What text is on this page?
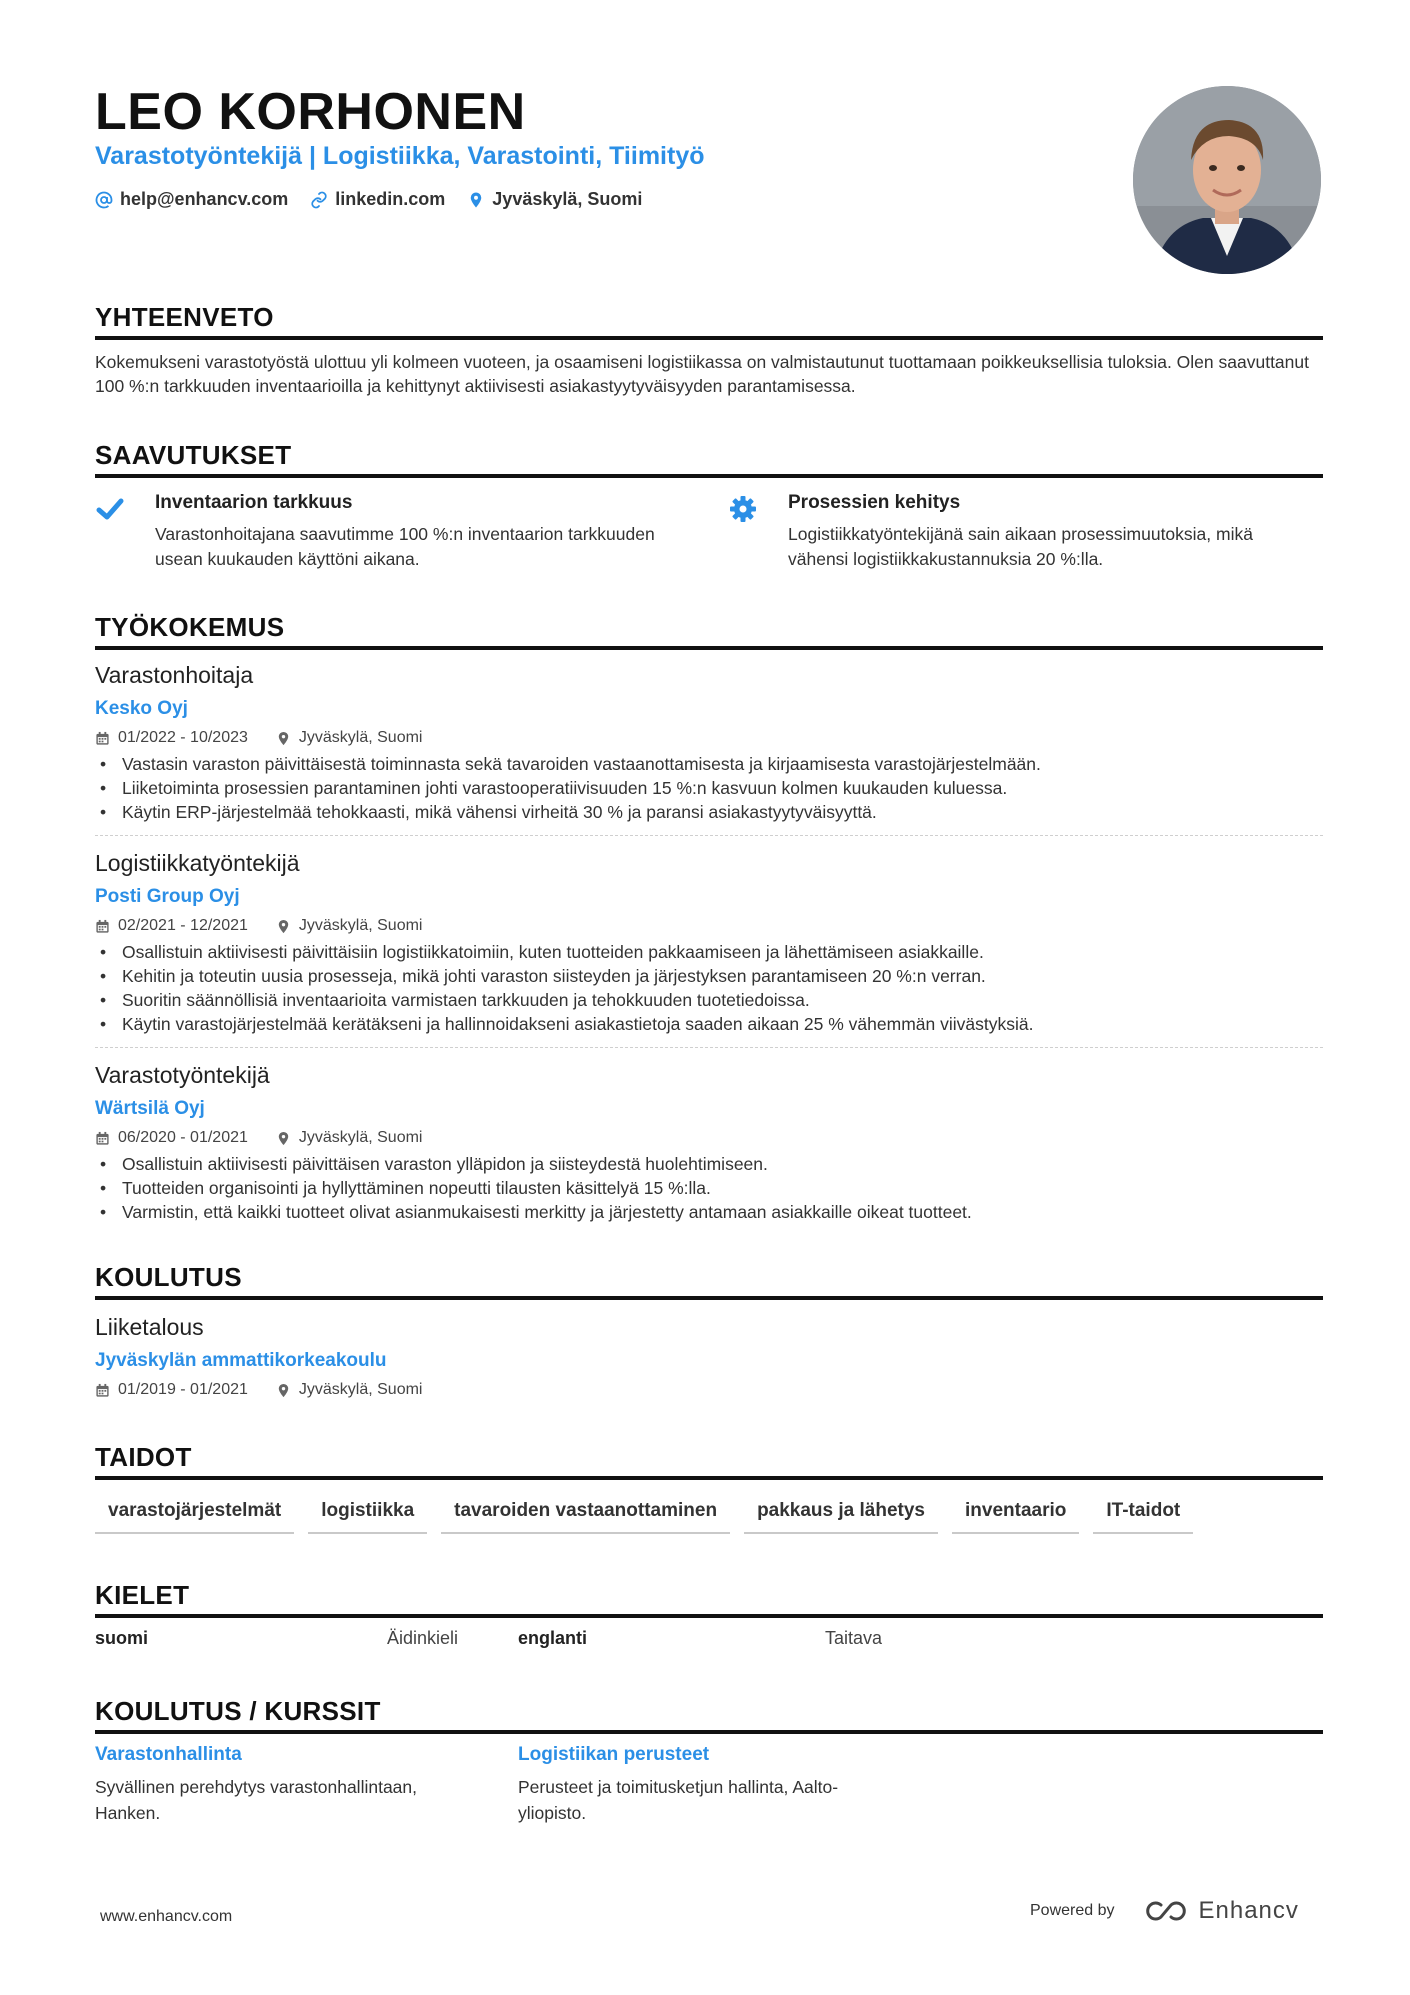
LEO KORHONEN
Varastotyöntekijä | Logistiikka, Varastointi, Tiimityö
help@enhancv.com	linkedin.com	Jyväskylä, Suomi
YHTEENVETO
Kokemukseni varastotyöstä ulottuu yli kolmeen vuoteen, ja osaamiseni logistiikassa on valmistautunut tuottamaan poikkeuksellisia tuloksia. Olen saavuttanut 100 %:n tarkkuuden inventaarioilla ja kehittynyt aktiivisesti asiakastyytyväisyyden parantamisessa.
SAAVUTUKSET
Inventaarion tarkkuus
Varastonhoitajana saavutimme 100 %:n inventaarion tarkkuuden usean kuukauden käyttöni aikana.
Prosessien kehitys
Logistiikkatyöntekijänä sain aikaan prosessimuutoksia, mikä vähensi logistiikkakustannuksia 20 %:lla.
TYÖKOKEMUS
Varastonhoitaja
Kesko Oyj
01/2022 - 10/2023	Jyväskylä, Suomi
• Vastasin varaston päivittäisestä toiminnasta sekä tavaroiden vastaanottamisesta ja kirjaamisesta varastojärjestelmään.
• Liiketoiminta prosessien parantaminen johti varastooperatiivisuuden 15 %:n kasvuun kolmen kuukauden kuluessa.
• Käytin ERP-järjestelmää tehokkaasti, mikä vähensi virheitä 30 % ja paransi asiakastyytyväisyyttä.
Logistiikkatyöntekijä
Posti Group Oyj
02/2021 - 12/2021	Jyväskylä, Suomi
• Osallistuin aktiivisesti päivittäisiin logistiikkatoimiin, kuten tuotteiden pakkaamiseen ja lähettämiseen asiakkaille.
• Kehitin ja toteutin uusia prosesseja, mikä johti varaston siisteyden ja järjestyksen parantamiseen 20 %:n verran.
• Suoritin säännöllisiä inventaarioita varmistaen tarkkuuden ja tehokkuuden tuotetiedoissa.
• Käytin varastojärjestelmää kerätäkseni ja hallinnoidakseni asiakastietoja saaden aikaan 25 % vähemmän viivästyksiä.
Varastotyöntekijä
Wärtsilä Oyj
06/2020 - 01/2021	Jyväskylä, Suomi
• Osallistuin aktiivisesti päivittäisen varaston ylläpidon ja siisteydestä huolehtimiseen.
• Tuotteiden organisointi ja hyllyttäminen nopeutti tilausten käsittelyä 15 %:lla.
• Varmistin, että kaikki tuotteet olivat asianmukaisesti merkitty ja järjestetty antamaan asiakkaille oikeat tuotteet.
KOULUTUS
Liiketalous
Jyväskylän ammattikorkeakoulu
01/2019 - 01/2021	Jyväskylä, Suomi
TAIDOT
varastojärjestelmät	logistiikka	tavaroiden vastaanottaminen	pakkaus ja lähetys	inventaario	IT-taidot
KIELET
suomi	Äidinkieli	englanti	Taitava
KOULUTUS / KURSSIT
Varastonhallinta
Syvällinen perehdytys varastonhallintaan, Hanken.
Logistiikan perusteet
Perusteet ja toimitusketjun hallinta, Aalto-yliopisto.
www.enhancv.com	Powered by	Enhancv
